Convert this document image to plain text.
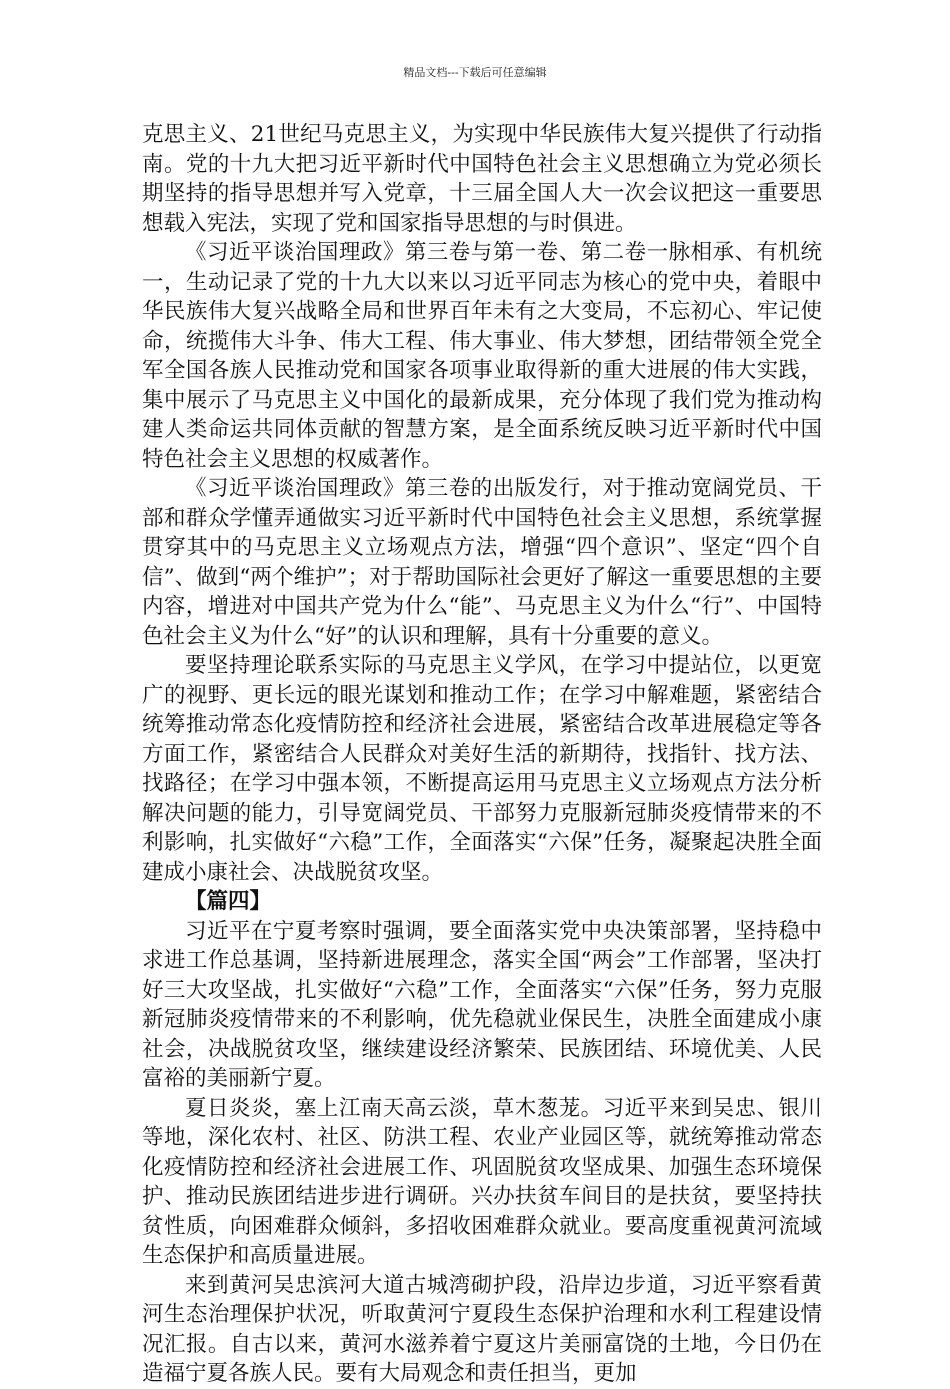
精品文档---下载后可任意编辑

克思主义、21世纪马克思主义，为实现中华民族伟大复兴提供了行动指南。党的十九大把习近平新时代中国特色社会主义思想确立为党必须长期坚持的指导思想并写入党章，十三届全国人大一次会议把这一重要思想载入宪法，实现了党和国家指导思想的与时俱进。

《习近平谈治国理政》第三卷与第一卷、第二卷一脉相承、有机统一，生动记录了党的十九大以来以习近平同志为核心的党中央，着眼中华民族伟大复兴战略全局和世界百年未有之大变局，不忘初心、牢记使命，统揽伟大斗争、伟大工程、伟大事业、伟大梦想，团结带领全党全军全国各族人民推动党和国家各项事业取得新的重大进展的伟大实践，集中展示了马克思主义中国化的最新成果，充分体现了我们党为推动构建人类命运共同体贡献的智慧方案，是全面系统反映习近平新时代中国特色社会主义思想的权威著作。

《习近平谈治国理政》第三卷的出版发行，对于推动宽阔党员、干部和群众学懂弄通做实习近平新时代中国特色社会主义思想，系统掌握贯穿其中的马克思主义立场观点方法，增强“四个意识”、坚定“四个自信”、做到“两个维护”；对于帮助国际社会更好了解这一重要思想的主要内容，增进对中国共产党为什么“能”、马克思主义为什么“行”、中国特色社会主义为什么“好”的认识和理解，具有十分重要的意义。

要坚持理论联系实际的马克思主义学风，在学习中提站位，以更宽广的视野、更长远的眼光谋划和推动工作；在学习中解难题，紧密结合统筹推动常态化疫情防控和经济社会进展，紧密结合改革进展稳定等各方面工作，紧密结合人民群众对美好生活的新期待，找指针、找方法、找路径；在学习中强本领，不断提高运用马克思主义立场观点方法分析解决问题的能力，引导宽阔党员、干部努力克服新冠肺炎疫情带来的不利影响，扎实做好“六稳”工作，全面落实“六保”任务，凝聚起决胜全面建成小康社会、决战脱贫攻坚。

【篇四】

习近平在宁夏考察时强调，要全面落实党中央决策部署，坚持稳中求进工作总基调，坚持新进展理念，落实全国“两会”工作部署，坚决打好三大攻坚战，扎实做好“六稳”工作，全面落实“六保”任务，努力克服新冠肺炎疫情带来的不利影响，优先稳就业保民生，决胜全面建成小康社会，决战脱贫攻坚，继续建设经济繁荣、民族团结、环境优美、人民富裕的美丽新宁夏。

夏日炎炎，塞上江南天高云淡，草木葱茏。习近平来到吴忠、银川等地，深化农村、社区、防洪工程、农业产业园区等，就统筹推动常态化疫情防控和经济社会进展工作、巩固脱贫攻坚成果、加强生态环境保护、推动民族团结进步进行调研。兴办扶贫车间目的是扶贫，要坚持扶贫性质，向困难群众倾斜，多招收困难群众就业。要高度重视黄河流域生态保护和高质量进展。

来到黄河吴忠滨河大道古城湾砌护段，沿岸边步道，习近平察看黄河生态治理保护状况，听取黄河宁夏段生态保护治理和水利工程建设情况汇报。自古以来，黄河水滋养着宁夏这片美丽富饶的土地，今日仍在造福宁夏各族人民。要有大局观念和责任担当，更加
